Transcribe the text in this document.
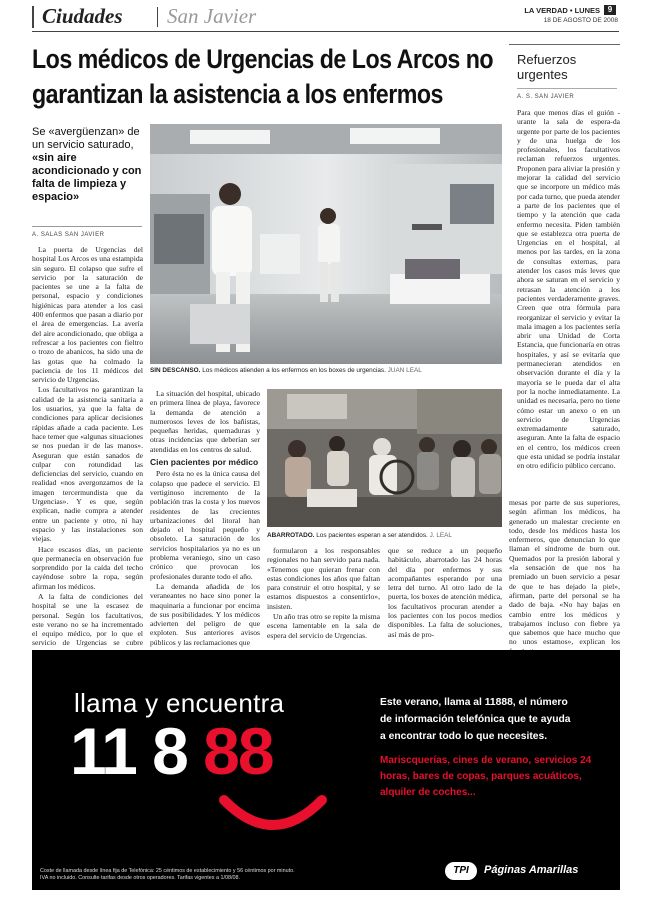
Ciudades San Javier	LA VERDAD • LUNES 9
18 DE AGOSTO DE 2008
Los médicos de Urgencias de Los Arcos no
garantizan la asistencia a los enfermos
Se «avergüenzan» de un servicio saturado, «sin aire acondicionado y con falta de limpieza y espacio»
A. SALAS SAN JAVIER

La puerta de Urgencias del hospital Los Arcos es una estampida sin seguro. El colapso que sufre el servicio por la saturación de pacientes se une a la falta de personal, espacio y condiciones higiénicas para atender a los casi 400 enfermos que pasan a diario por el área de emergencias. La avería del aire acondicionado, que obliga a refrescar a los pacientes con fieltro o trozo de abanicos, ha sido una de las gotas que ha colmado la paciencia de los 11 médicos del servicio de Urgencias.

Los facultativos no garantizan la calidad de la asistencia sanitaria a los usuarios, ya que la falta de condiciones para aplicar decisiones rápidas añade a cada paciente. Les hace temer que «algunas situaciones se nos puedan ir de las manos». Aseguran que están sanados de culpar con rotundidad las deficiencias del servicio, cuando en realidad «nos avergonzamos de la imagen tercermundista que da Urgencias». Y es que, según explican, nadie compra a atender entre un paciente y otro, ni hay espacio y las instalaciones son viejas.

Hace escasos días, un paciente que permanecía en observación fue sorprendido por la caída del techo cayéndose sobre la ropa, según afirman los médicos.

A la falta de condiciones del hospital se une la escasez de personal. Según los facultativos, este verano no se ha incrementado el equipo médico, por lo que el servicio de Urgencias se cubre

SIN DESCANSO. Los médicos atienden a los enfermos en los boxes de urgencias. JUAN LEAL

La situación del hospital, ubicado en primera línea de playa, favorece la demanda de atención a numerosos leves de los bañistas, pequeñas heridas, quemaduras y otras incidencias que deberían ser atendidas en los centros de salud.

Cien pacientes por médico

Pero ésta no es la única causa del colapso que padece el servicio. El vertiginoso incremento de la población tras la costa y los nuevos residentes de las crecientes urbanizaciones del litoral han dejado el hospital pequeño y obsoleto. La saturación de los servicios hospitalarios ya no es un problema veraniego, sino un caso crónico que provocan los profesionales durante todo el año.

La demanda añadida de los veraneantes no hace sino poner la maquinaria a funcionar por encima de sus posibilidades. Y los médicos advierten del peligro de que exploten. Sus anteriores avisos públicos y las reclamaciones que

ABARROTADO. Los pacientes esperan a ser atendidos. J. LEAL

formularon a los responsables regionales no han servido para nada. «Tenemos que quieran frenar con estas condiciones los años que faltan para construir el otro hospital, y se estamos dispuestos a consentirlo», insisten.

Un año tras otro se repite la misma escena lamentable en la sala de espera del servicio de Urgencias.

que se reduce a un pequeño habitáculo, abarrotado las 24 horas del día por enfermos y sus acompañantes esperando por una letra del turno. Al otro lado de la puerta, los boxes de atención médica, los facultativos procuran atender a los pacientes con los pocos medios disponibles. La falta de soluciones, así más de pro-

Refuerzos
urgentes
A. S. SAN JAVIER

Para que menos días el guión -urante la sala de espera-da urgente por parte de los pacientes y de una huelga de los profesionales, los facultativos reclaman refuerzos urgentes. Proponen para aliviar la presión y mejorar la calidad del servicio que se incorpore un médico más por cada turno, que pueda atender a parte de los pacientes que el tiempo y la atención que cada enfermo necesita. Piden también que se establezca otra puerta de Urgencias en el hospital, al menos por las tardes, en la zona de consultas externas, para atender los casos más leves que ahora se saturan en el servicio y retrasan la atención a los pacientes verdaderamente graves. Creen que otra fórmula para reorganizar el servicio y evitar la mala imagen a los pacientes sería abrir una Unidad de Corta Estancia, que funcionaría en otras hospitales, y así se evitaría que permanecieran atendidos en observación durante el día y la mayoría se le pueda dar el alta por la noche inmediatamente. La unidad es necesaria, pero no tiene cómo estar un anexo o en un servicio de Urgencias extremadamente saturado, aseguran. Ante la falta de espacio en el centro, los médicos creen que esta unidad se podría instalar en otro edificio público cercano.

mesas por parte de sus superiores, según afirman los médicos, ha generado un malestar creciente en todo, desde los médicos hasta los enfermeros, que denuncian lo que llaman el síndrome de burn out. Quemados por la presión laboral y «la sensación de que nos ha premiado un buen servicio a pesar de que te has dejado la piel», afirman, parte del personal se ha dado de baja. «No hay bajas en cambio entre los médicos y trabajamos incluso con fiebre ya que sabemos que hace mucho que no unos estamos», explican los

llama y encuentra
11 8 88
Este verano, llama al 11888, el número
de información telefónica que te ayuda
a encontrar todo lo que necesites.
Mariscquerías, cines de verano, servicios 24
horas, bares de copas, parques acuáticos,
alquiler de coches...
Coste de llamada desde línea fija de Telefónica: 25 céntimos de establecimiento y 56 céntimos por minuto.
IVA no incluido. Consulte tarifas desde otros operadores. Tarifas vigentes a 1/08/08.
TPI	Páginas Amarillas
